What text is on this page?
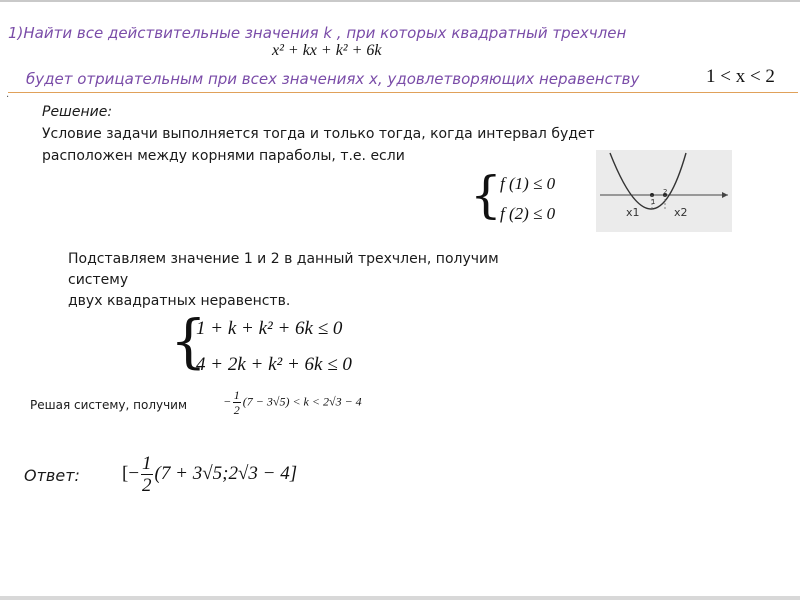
1)Найти все действительные значения k , при которых квадратный трехчлен
x² + kx + k² + 6k
будет отрицательным при всех значениях x, удовлетворяющих неравенству	1 < x < 2
·
Решение:
Условие задачи выполняется тогда и только тогда, когда интервал будет
расположен между корнями параболы, т.е. если
{
f (1) ≤ 0
f (2) ≤ 0
1
2
x1	x2
Подставляем значение 1 и 2 в данный трехчлен, получим
систему
двух квадратных неравенств.
{
1 + k + k² + 6k ≤ 0
4 + 2k + k² + 6k ≤ 0
Решая систему, получим	− $\frac{1}{2} (7 - 3√5) < k < 2√3 - 4$
Ответ: [− $\frac{1}{2} (7$ + 3√5;2√3 − 4]
